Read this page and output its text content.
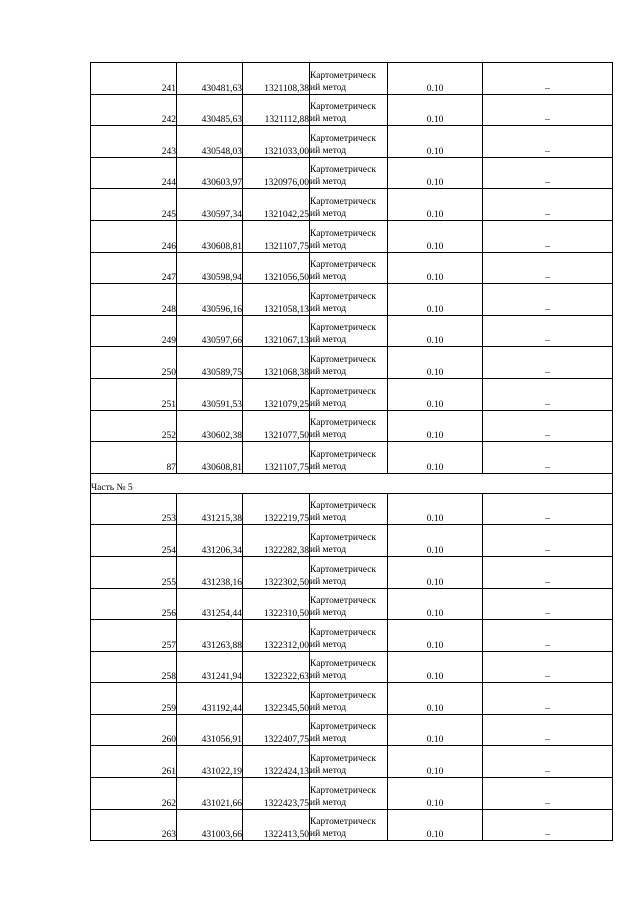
241	430481,63	1321108,38	Картометрическ
ий метод	0.10	–
242	430485,63	1321112,88	Картометрическ
ий метод	0.10	–
243	430548,03	1321033,00	Картометрическ
ий метод	0.10	–
244	430603,97	1320976,00	Картометрическ
ий метод	0.10	–
245	430597,34	1321042,25	Картометрическ
ий метод	0.10	–
246	430608,81	1321107,75	Картометрическ
ий метод	0.10	–
247	430598,94	1321056,50	Картометрическ
ий метод	0.10	–
248	430596,16	1321058,13	Картометрическ
ий метод	0.10	–
249	430597,66	1321067,13	Картометрическ
ий метод	0.10	–
250	430589,75	1321068,38	Картометрическ
ий метод	0.10	–
251	430591,53	1321079,25	Картометрическ
ий метод	0.10	–
252	430602,38	1321077,50	Картометрическ
ий метод	0.10	–
87	430608,81	1321107,75	Картометрическ
ий метод	0.10	–
Часть № 5					
253	431215,38	1322219,75	Картометрическ
ий метод	0.10	–
254	431206,34	1322282,38	Картометрическ
ий метод	0.10	–
255	431238,16	1322302,50	Картометрическ
ий метод	0.10	–
256	431254,44	1322310,50	Картометрическ
ий метод	0.10	–
257	431263,88	1322312,00	Картометрическ
ий метод	0.10	–
258	431241,94	1322322,63	Картометрическ
ий метод	0.10	–
259	431192,44	1322345,50	Картометрическ
ий метод	0.10	–
260	431056,91	1322407,75	Картометрическ
ий метод	0.10	–
261	431022,19	1322424,13	Картометрическ
ий метод	0.10	–
262	431021,66	1322423,75	Картометрическ
ий метод	0.10	–
263	431003,66	1322413,50	Картометрическ
ий метод	0.10	–
